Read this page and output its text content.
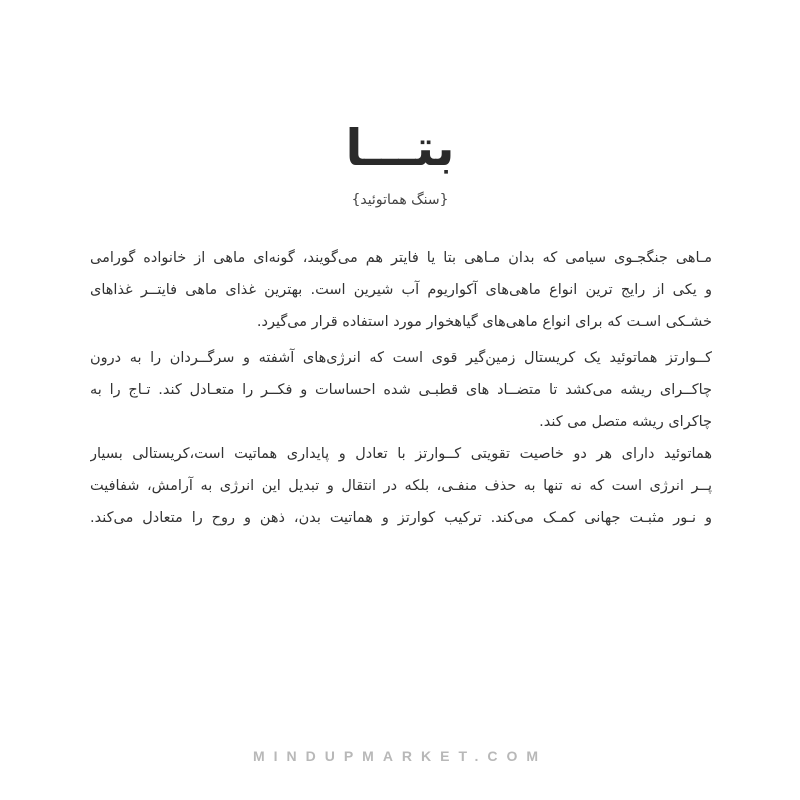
بتـــا
{سنگ هماتوئید}
مـاهی جنگجـوی سیامی که بدان مـاهی بتا یا فایتر هم می‌گویند، گونه‌ای ماهی از خانواده گورامی
و یکی از رایج ترین انواع ماهی‌های آکواریوم آب شیرین است. بهترین غذای ماهی فایتــر غذاهای
خشـکی اسـت که برای انواع ماهی‌های گیاهخوار مورد استفاده قرار می‌گیرد.
کــوارتز هماتوئید یک کریستال زمین‌گیر قوی است که انرژی‌های آشفته و سرگــردان را به درون
چاکــرای ریشه می‌کشد تا متضــاد های قطبـی شده احساسات و فکــر را متعـادل کند. تـاج را به
چاکرای ریشه متصل می کند.
هماتوئید دارای هر دو خاصیت تقویتی کــوارتز با تعادل و پایداری هماتیت است،کریستالی بسیار
پــر انرژی است که نه تنها به حذف منفـی، بلکه در انتقال و تبدیل این انرژی به آرامش، شفافیت
و نـور مثبـت جهانی کمـک می‌کند. ترکیب کوارتز و هماتیت بدن، ذهن و روح را متعادل می‌کند.
MINDUPMARKET.COM
